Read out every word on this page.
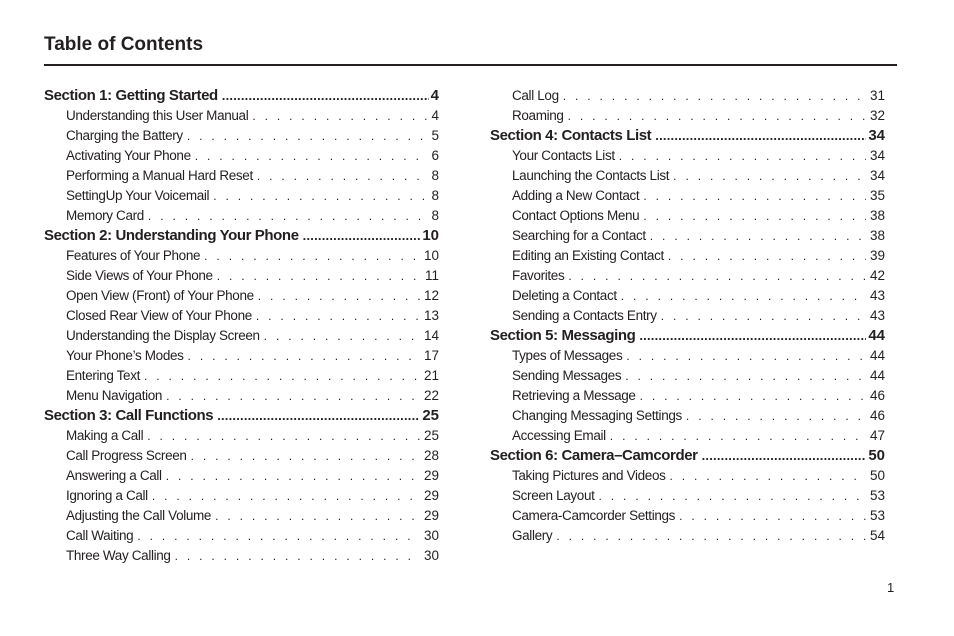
Table of Contents
Section 1: Getting Started .....	4
Understanding this User Manual . . .	4
Charging the Battery . . .	5
Activating Your Phone . . .	6
Performing a Manual Hard Reset . . .	8
SettingUp Your Voicemail . . .	8
Memory Card . . .	8
Section 2: Understanding Your Phone .....	10
Features of Your Phone . . .	10
Side Views of Your Phone . . .	11
Open View (Front) of Your Phone . . .	12
Closed Rear View of Your Phone . . .	13
Understanding the Display Screen . . .	14
Your Phone’s Modes . . .	17
Entering Text . . .	21
Menu Navigation . . .	22
Section 3: Call Functions .....	25
Making a Call . . .	25
Call Progress Screen . . .	28
Answering a Call . . .	29
Ignoring a Call . . .	29
Adjusting the Call Volume . . .	29
Call Waiting . . .	30
Three Way Calling . . .	30
Call Log . . .	31
Roaming . . .	32
Section 4: Contacts List .....	34
Your Contacts List . . .	34
Launching the Contacts List . . .	34
Adding a New Contact . . .	35
Contact Options Menu . . .	38
Searching for a Contact . . .	38
Editing an Existing Contact . . .	39
Favorites . . .	42
Deleting a Contact . . .	43
Sending a Contacts Entry . . .	43
Section 5: Messaging .....	44
Types of Messages . . .	44
Sending Messages . . .	44
Retrieving a Message . . .	46
Changing Messaging Settings . . .	46
Accessing Email . . .	47
Section 6: Camera–Camcorder .....	50
Taking Pictures and Videos . . .	50
Screen Layout . . .	53
Camera-Camcorder Settings . . .	53
Gallery . . .	54
1
